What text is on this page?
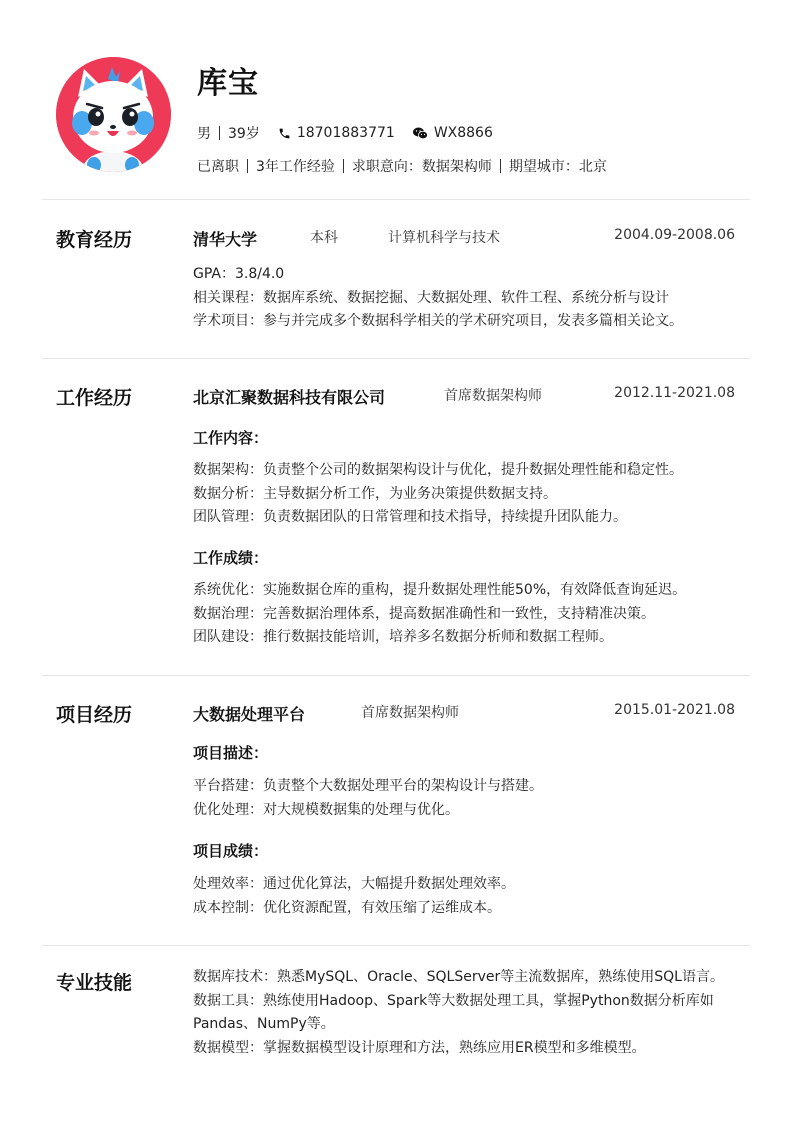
库宝
男 39岁	18701883771	WX8866
已离职 3年工作经验 求职意向：数据架构师 期望城市：北京
教育经历	清华大学	本科	计算机科学与技术	2004.09-2008.06
GPA：3.8/4.0
相关课程：数据库系统、数据挖掘、大数据处理、软件工程、系统分析与设计
学术项目：参与并完成多个数据科学相关的学术研究项目，发表多篇相关论文。
工作经历	北京汇聚数据科技有限公司	首席数据架构师	2012.11-2021.08
工作内容：
数据架构：负责整个公司的数据架构设计与优化，提升数据处理性能和稳定性。
数据分析：主导数据分析工作，为业务决策提供数据支持。
团队管理：负责数据团队的日常管理和技术指导，持续提升团队能力。
工作成绩：
系统优化：实施数据仓库的重构，提升数据处理性能50%，有效降低查询延迟。
数据治理：完善数据治理体系，提高数据准确性和一致性，支持精准决策。
团队建设：推行数据技能培训，培养多名数据分析师和数据工程师。
项目经历	大数据处理平台	首席数据架构师	2015.01-2021.08
项目描述：
平台搭建：负责整个大数据处理平台的架构设计与搭建。
优化处理：对大规模数据集的处理与优化。
项目成绩：
处理效率：通过优化算法，大幅提升数据处理效率。
成本控制：优化资源配置，有效压缩了运维成本。
专业技能	数据库技术：熟悉MySQL、Oracle、SQLServer等主流数据库，熟练使用SQL语言。
数据工具：熟练使用Hadoop、Spark等大数据处理工具，掌握Python数据分析库如
Pandas、NumPy等。
数据模型：掌握数据模型设计原理和方法，熟练应用ER模型和多维模型。
